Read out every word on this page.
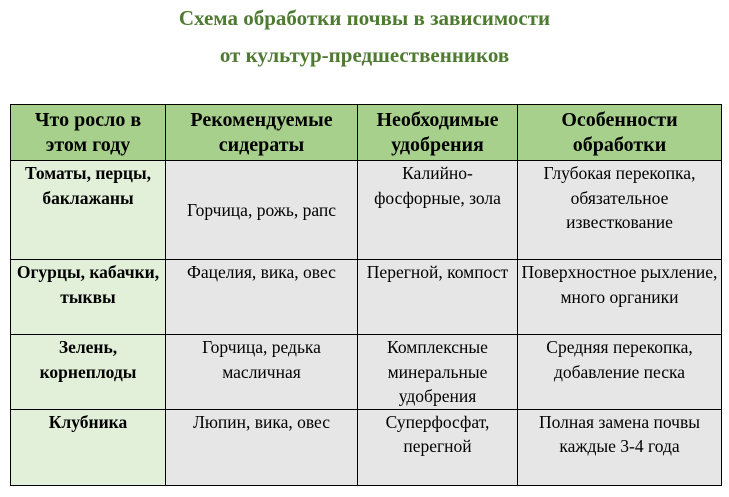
Схема обработки почвы в зависимости
от культур-предшественников
Что росло в этом году	Рекомендуемые сидераты	Необходимые удобрения	Особенности обработки
Томаты, перцы, баклажаны	Горчица, рожь, рапс	Калийно-фосфорные, зола	Глубокая перекопка, обязательное известкование
Огурцы, кабачки, тыквы	Фацелия, вика, овес	Перегной, компост	Поверхностное рыхление, много органики
Зелень, корнеплоды	Горчица, редька масличная	Комплексные минеральные удобрения	Средняя перекопка, добавление песка
Клубника	Люпин, вика, овес	Суперфосфат, перегной	Полная замена почвы каждые 3-4 года
